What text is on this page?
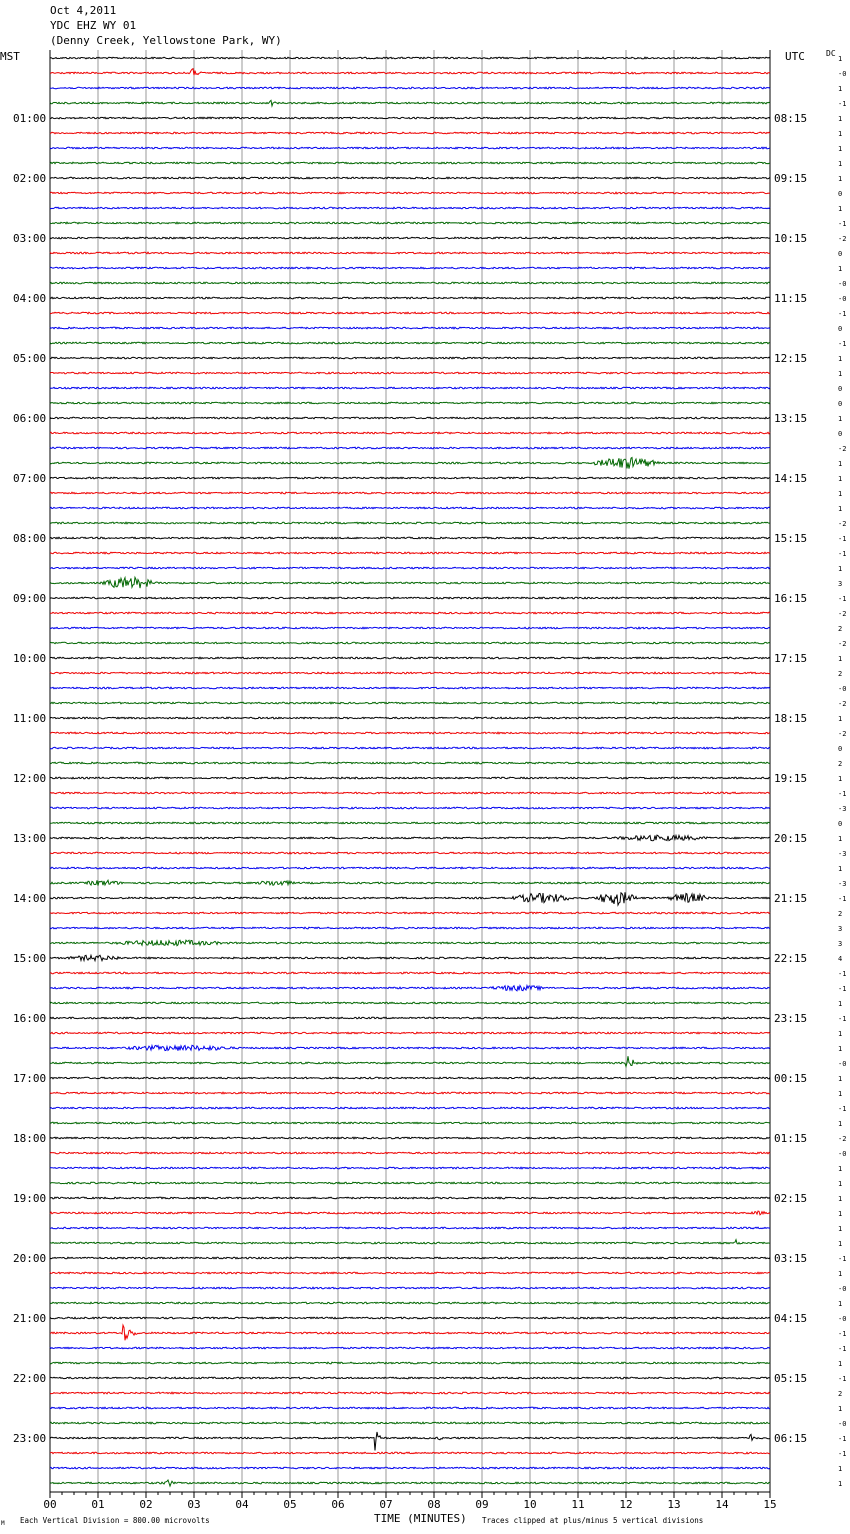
Oct 4,2011
YDC EHZ WY 01
(Denny Creek, Yellowstone Park, WY)
MST	UTC	DC
00	01	02	03	04	05	06	07	08	09	10	11	12	13	14	15
1
-0
1
-1
1
1
1
1
1
0
1
-1
-2
0
1
-0
-0
-1
0
-1
1
1
0
0
1
0
-2
1
1
1
1
-2
-1
-1
1
3
-1
-2
2
-2
1
2
-0
-2
1
-2
0
2
1
-1
-3
0
1
-3
1
-3
-1
2
3
3
4
-1
-1
1
-1
1
1
-0
1
1
-1
1
-2
-0
1
1
1
1
1
1
-1
1
-0
1
-0
-1
-1
1
-1
2
1
-0
-1
-1
1
1
01:00
02:00
03:00
04:00
05:00
06:00
07:00
08:00
09:00
10:00
11:00
12:00
13:00
14:00
15:00
16:00
17:00
18:00
19:00
20:00
21:00
22:00
23:00
08:15
09:15
10:15
11:15
12:15
13:15
14:15
15:15
16:15
17:15
18:15
19:15
20:15
21:15
22:15
23:15
00:15
01:15
02:15
03:15
04:15
05:15
06:15
TIME (MINUTES)
Each Vertical Division = 800.00 microvolts	Traces clipped at plus/minus 5 vertical divisions
M
